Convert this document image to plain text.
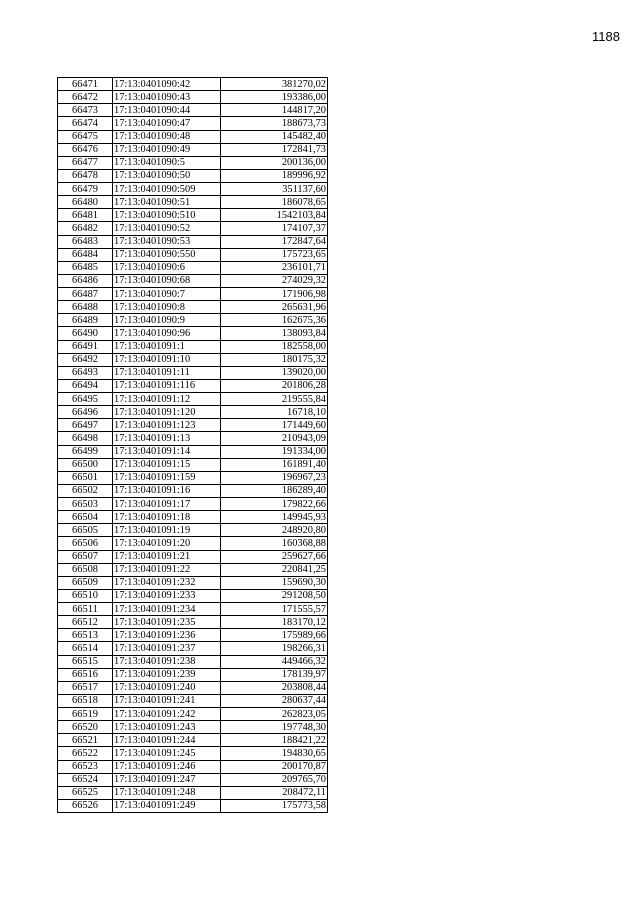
1188
66471	17:13:0401090:42	381270,02
66472	17:13:0401090:43	193386,00
66473	17:13:0401090:44	144817,20
66474	17:13:0401090:47	188673,73
66475	17:13:0401090:48	145482,40
66476	17:13:0401090:49	172841,73
66477	17:13:0401090:5	200136,00
66478	17:13:0401090:50	189996,92
66479	17:13:0401090:509	351137,60
66480	17:13:0401090:51	186078,65
66481	17:13:0401090:510	1542103,84
66482	17:13:0401090:52	174107,37
66483	17:13:0401090:53	172847,64
66484	17:13:0401090:550	175723,65
66485	17:13:0401090:6	236101,71
66486	17:13:0401090:68	274029,32
66487	17:13:0401090:7	171906,98
66488	17:13:0401090:8	265631,96
66489	17:13:0401090:9	162675,36
66490	17:13:0401090:96	138093,84
66491	17:13:0401091:1	182558,00
66492	17:13:0401091:10	180175,32
66493	17:13:0401091:11	139020,00
66494	17:13:0401091:116	201806,28
66495	17:13:0401091:12	219555,84
66496	17:13:0401091:120	16718,10
66497	17:13:0401091:123	171449,60
66498	17:13:0401091:13	210943,09
66499	17:13:0401091:14	191334,00
66500	17:13:0401091:15	161891,40
66501	17:13:0401091:159	196967,23
66502	17:13:0401091:16	186289,40
66503	17:13:0401091:17	179822,66
66504	17:13:0401091:18	149945,93
66505	17:13:0401091:19	248920,80
66506	17:13:0401091:20	160368,88
66507	17:13:0401091:21	259627,66
66508	17:13:0401091:22	220841,25
66509	17:13:0401091:232	159690,30
66510	17:13:0401091:233	291208,50
66511	17:13:0401091:234	171555,57
66512	17:13:0401091:235	183170,12
66513	17:13:0401091:236	175989,66
66514	17:13:0401091:237	198266,31
66515	17:13:0401091:238	449466,32
66516	17:13:0401091:239	178139,97
66517	17:13:0401091:240	203808,44
66518	17:13:0401091:241	280637,44
66519	17:13:0401091:242	262823,05
66520	17:13:0401091:243	197748,30
66521	17:13:0401091:244	188421,22
66522	17:13:0401091:245	194830,65
66523	17:13:0401091:246	200170,87
66524	17:13:0401091:247	209765,70
66525	17:13:0401091:248	208472,11
66526	17:13:0401091:249	175773,58
